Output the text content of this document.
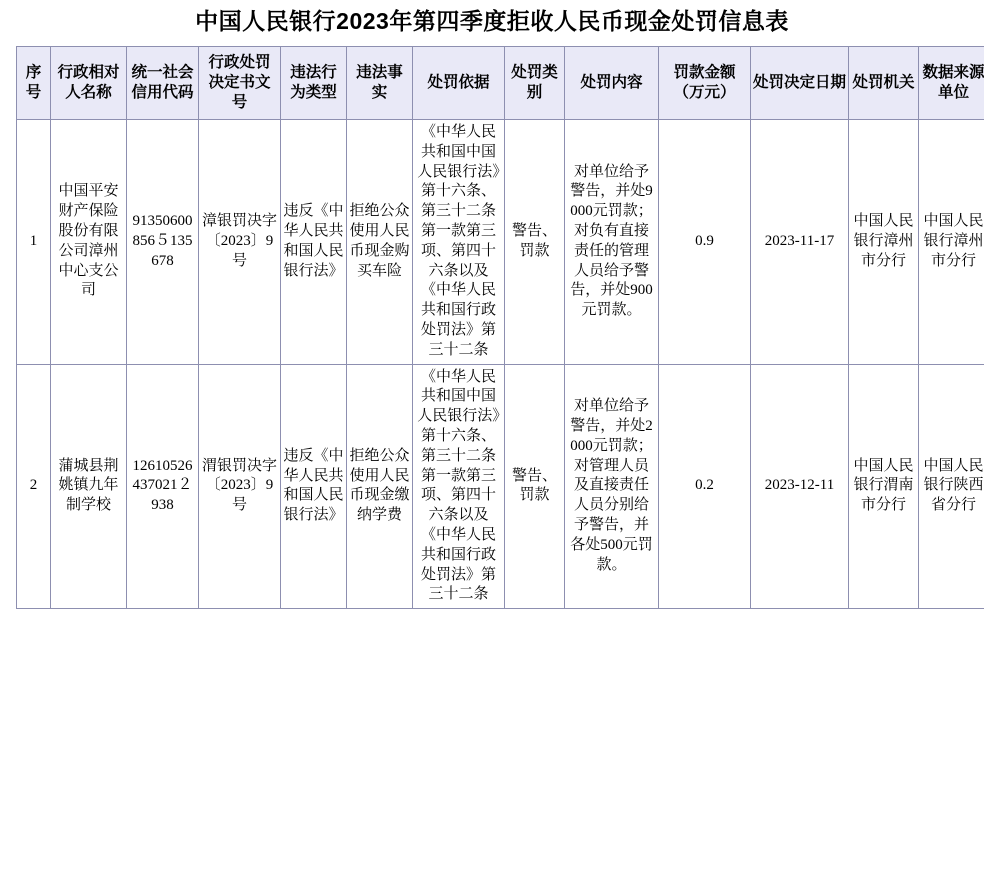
中国人民银行2023年第四季度拒收人民币现金处罚信息表
序号	行政相对人名称	统一社会信用代码	行政处罚决定书文号	违法行为类型	违法事实	处罚依据	处罚类别	处罚内容	罚款金额（万元）	处罚决定日期	处罚机关	数据来源单位
1	中国平安财产保险股份有限公司漳州中心支公司	91350600856５135678	漳银罚决字〔2023〕9号	违反《中华人民共和国人民银行法》	拒绝公众使用人民币现金购买车险	《中华人民共和国中国人民银行法》第十六条、第三十二条第一款第三项、第四十六条以及《中华人民共和国行政处罚法》第三十二条	警告、罚款	对单位给予警告，并处9000元罚款；对负有直接责任的管理人员给予警告，并处900元罚款。	0.9	2023-11-17	中国人民银行漳州市分行	中国人民银行漳州市分行
2	蒲城县荆姚镇九年制学校	12610526437021２938	渭银罚决字〔2023〕9号	违反《中华人民共和国人民银行法》	拒绝公众使用人民币现金缴纳学费	《中华人民共和国中国人民银行法》第十六条、第三十二条第一款第三项、第四十六条以及《中华人民共和国行政处罚法》第三十二条	警告、罚款	对单位给予警告，并处2000元罚款；对管理人员及直接责任人员分别给予警告，并各处500元罚款。	0.2	2023-12-11	中国人民银行渭南市分行	中国人民银行陕西省分行
